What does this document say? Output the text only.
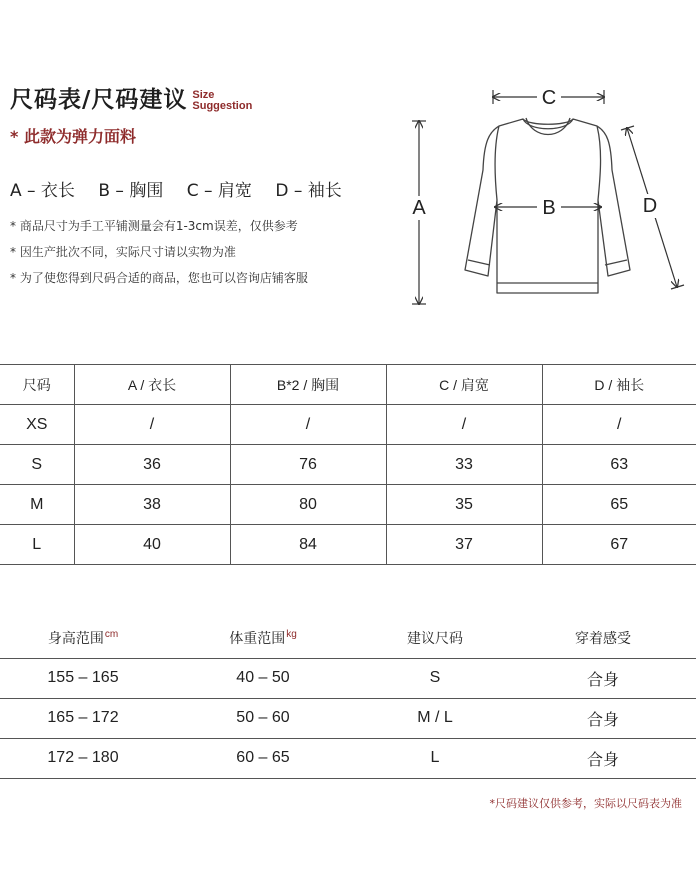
尺码表/尺码建议 Size
Suggestion
* 此款为弹力面料
A – 衣长 B – 胸围 C – 肩宽 D – 袖长
* 商品尺寸为手工平铺测量会有1-3cm误差，仅供参考
* 因生产批次不同，实际尺寸请以实物为准
* 为了使您得到尺码合适的商品，您也可以咨询店铺客服
C
A	B	D
尺码	A / 衣长	B*2 / 胸围	C / 肩宽	D / 袖长
XS	/	/	/	/
S	36	76	33	63
M	38	80	35	65
L	40	84	37	67
身高范围$^{cm}$	体重范围$^{kg}$	建议尺码	穿着感受
155 – 165	40 – 50	S	合身
165 – 172	50 – 60	M / L	合身
172 – 180	60 – 65	L	合身
*尺码建议仅供参考，实际以尺码表为准
